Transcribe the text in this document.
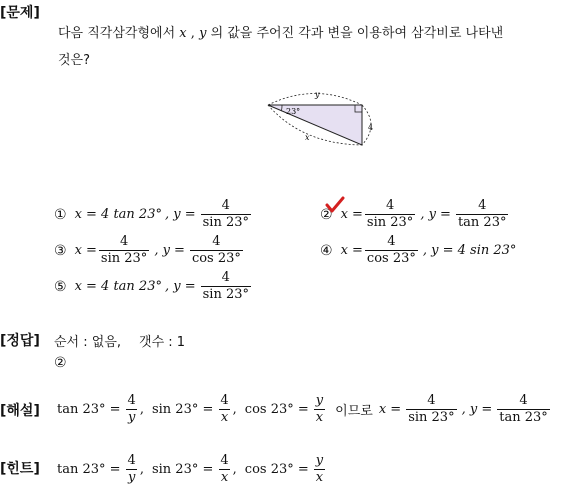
[문제]
다음 직각삼각형에서 x , y 의 값을 주어진 각과 변을 이용하여 삼각비로 나타낸
것은?
23°
y
4
x
① x = 4 tan 23° , $y = \frac{4}{\sin 23^\circ}$	② $x = \frac{4}{\sin 23^\circ}$ , $y = \frac{4}{\tan 23^\circ}$
③ $x = \frac{4}{\sin 23^\circ}$ , $y = \frac{4}{\cos 23^\circ}$	④ $x = \frac{4}{\cos 23^\circ}$ , y = 4 sin 23°
⑤ x = 4 tan 23° , $y = \frac{4}{\sin 23^\circ}$
[정답] 순서 : 없음, 갯수 : 1
②
[해설] $\tan 23^\circ = \frac{4}{y}$ , $\sin 23^\circ = \frac{4}{x}$ , $\cos 23^\circ = \frac{y}{x}$ 이므로 $x = \frac{4}{\sin 23^\circ}$ , $y = \frac{4}{\tan 23^\circ}$
[힌트] $\tan 23^\circ = \frac{4}{y}$ , $\sin 23^\circ = \frac{4}{x}$ , $\cos 23^\circ = \frac{y}{x}$
